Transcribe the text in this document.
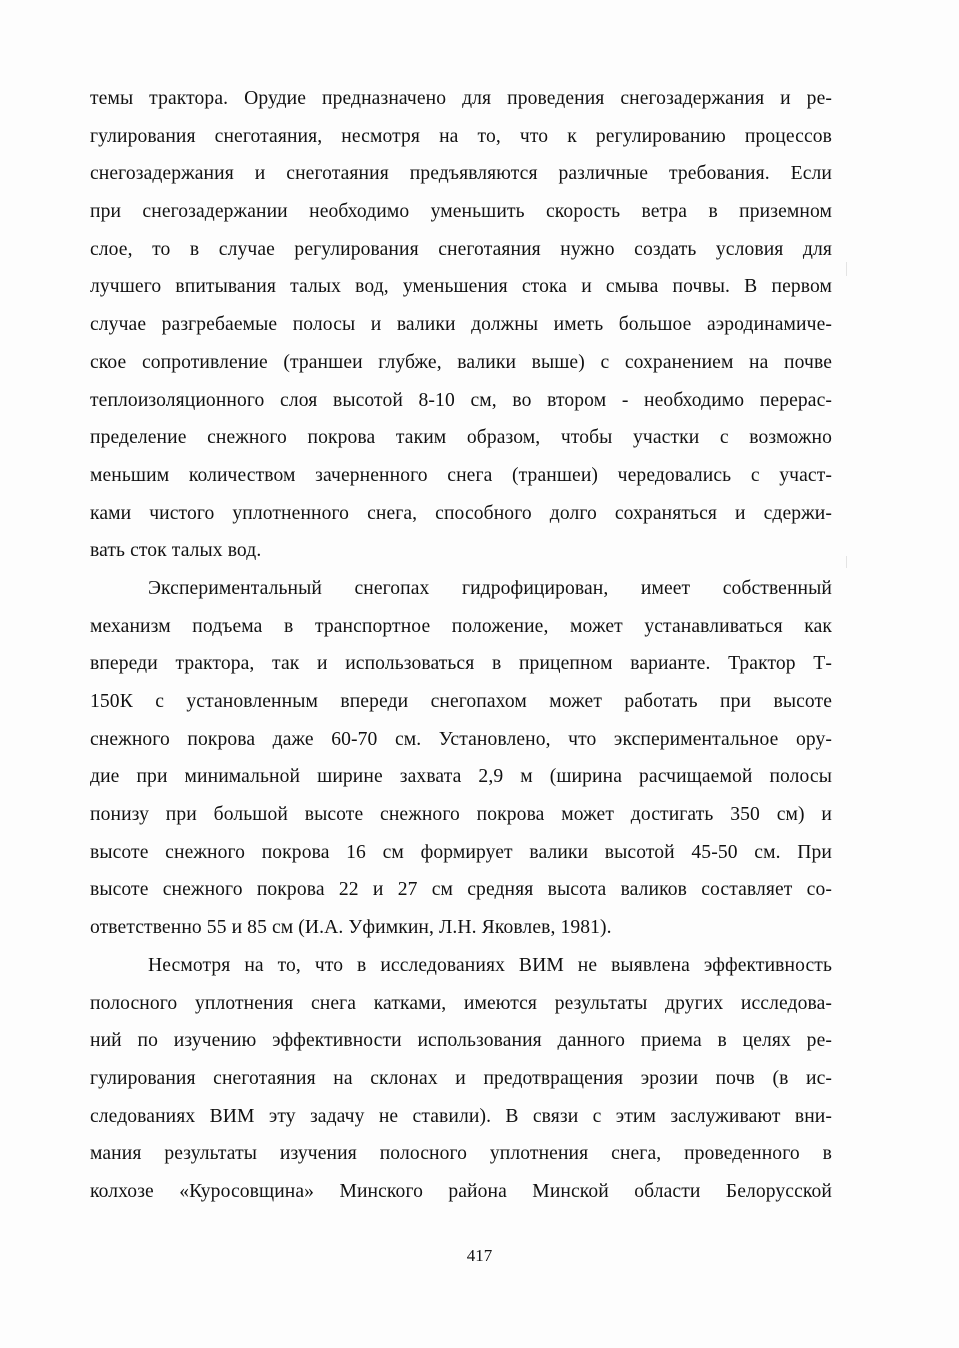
темы трактора. Орудие предназначено для проведения снегозадержания и ре-
гулирования снеготаяния, несмотря на то, что к регулированию процессов
снегозадержания и снеготаяния предъявляются различные требования. Если
при снегозадержании необходимо уменьшить скорость ветра в приземном
слое, то в случае регулирования снеготаяния нужно создать условия для
лучшего впитывания талых вод, уменьшения стока и смыва почвы. В первом
случае разгребаемые полосы и валики должны иметь большое аэродинамиче-
ское сопротивление (траншеи глубже, валики выше) с сохранением на почве
теплоизоляционного слоя высотой 8-10 см, во втором - необходимо перерас-
пределение снежного покрова таким образом, чтобы участки с возможно
меньшим количеством зачерненного снега (траншеи) чередовались с участ-
ками чистого уплотненного снега, способного долго сохраняться и сдержи-
вать сток талых вод.

Экспериментальный снегопах гидрофицирован, имеет собственный
механизм подъема в транспортное положение, может устанавливаться как
впереди трактора, так и использоваться в прицепном варианте. Трактор Т-
150К с установленным впереди снегопахом может работать при высоте
снежного покрова даже 60-70 см. Установлено, что экспериментальное ору-
дие при минимальной ширине захвата 2,9 м (ширина расчищаемой полосы
понизу при большой высоте снежного покрова может достигать 350 см) и
высоте снежного покрова 16 см формирует валики высотой 45-50 см. При
высоте снежного покрова 22 и 27 см средняя высота валиков составляет со-
ответственно 55 и 85 см (И.А. Уфимкин, Л.Н. Яковлев, 1981).

Несмотря на то, что в исследованиях ВИМ не выявлена эффективность
полосного уплотнения снега катками, имеются результаты других исследова-
ний по изучению эффективности использования данного приема в целях ре-
гулирования снеготаяния на склонах и предотвращения эрозии почв (в ис-
следованиях ВИМ эту задачу не ставили). В связи с этим заслуживают вни-
мания результаты изучения полосного уплотнения снега, проведенного в
колхозе «Куросовщина» Минского района Минской области Белорусской

417
